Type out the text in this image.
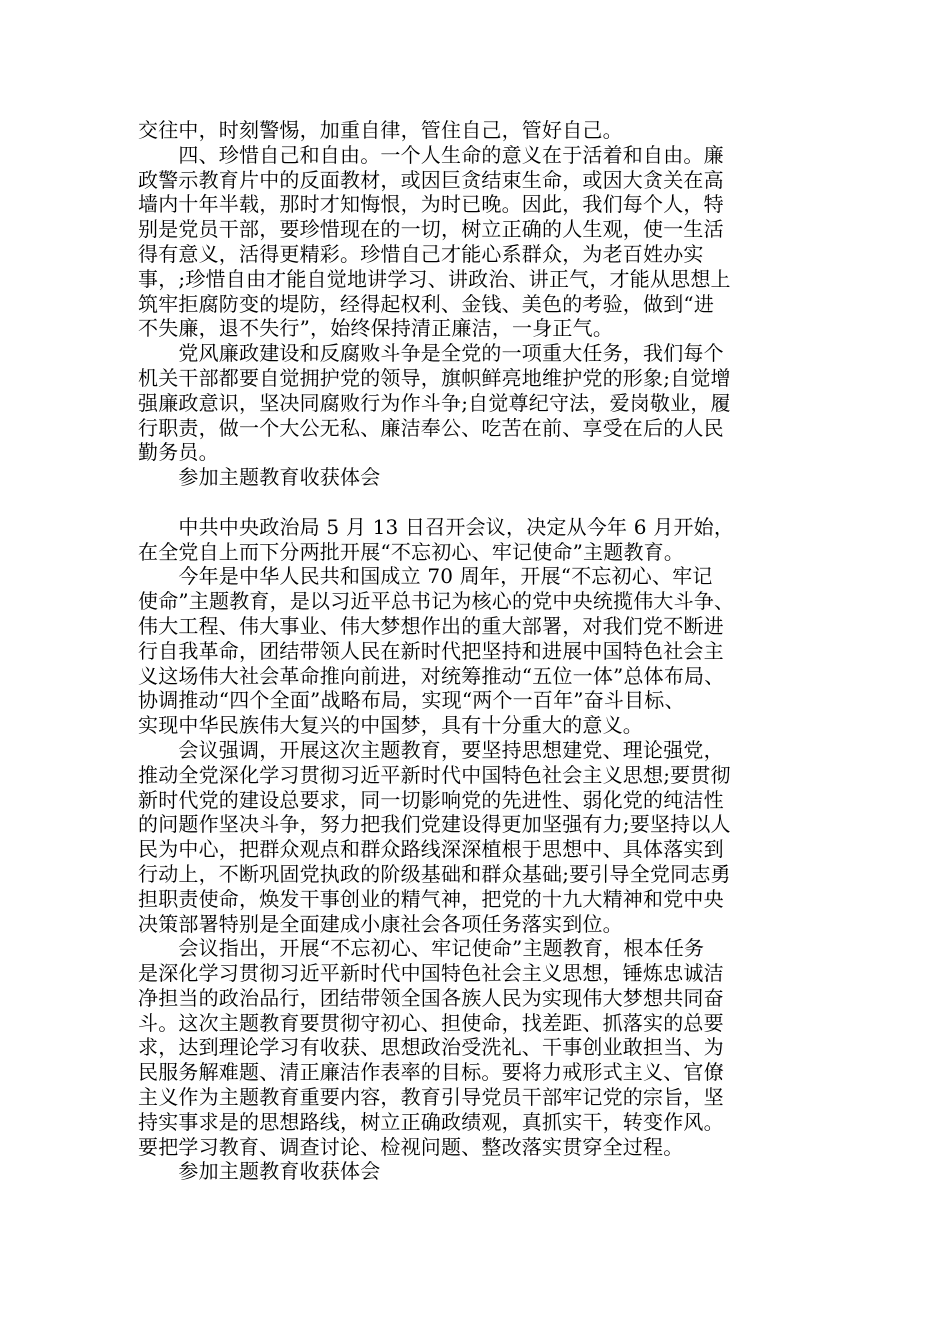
交往中，时刻警惕，加重自律，管住自己，管好自己。
　　四、珍惜自己和自由。一个人生命的意义在于活着和自由。廉
政警示教育片中的反面教材，或因巨贪结束生命，或因大贪关在高
墙内十年半载，那时才知悔恨，为时已晚。因此，我们每个人，特
别是党员干部，要珍惜现在的一切，树立正确的人生观，使一生活
得有意义，活得更精彩。珍惜自己才能心系群众，为老百姓办实
事，;珍惜自由才能自觉地讲学习、讲政治、讲正气，才能从思想上
筑牢拒腐防变的堤防，经得起权利、金钱、美色的考验，做到“进
不失廉，退不失行”，始终保持清正廉洁，一身正气。
　　党风廉政建设和反腐败斗争是全党的一项重大任务，我们每个
机关干部都要自觉拥护党的领导，旗帜鲜亮地维护党的形象;自觉增
强廉政意识，坚决同腐败行为作斗争;自觉尊纪守法，爱岗敬业，履
行职责，做一个大公无私、廉洁奉公、吃苦在前、享受在后的人民
勤务员。
　　参加主题教育收获体会
　　中共中央政治局 5 月 13 日召开会议，决定从今年 6 月开始，
在全党自上而下分两批开展“不忘初心、牢记使命”主题教育。
　　今年是中华人民共和国成立 70 周年，开展“不忘初心、牢记
使命”主题教育，是以习近平总书记为核心的党中央统揽伟大斗争、
伟大工程、伟大事业、伟大梦想作出的重大部署，对我们党不断进
行自我革命，团结带领人民在新时代把坚持和进展中国特色社会主
义这场伟大社会革命推向前进，对统筹推动“五位一体”总体布局、
协调推动“四个全面”战略布局，实现“两个一百年”奋斗目标、
实现中华民族伟大复兴的中国梦，具有十分重大的意义。
　　会议强调，开展这次主题教育，要坚持思想建党、理论强党，
推动全党深化学习贯彻习近平新时代中国特色社会主义思想;要贯彻
新时代党的建设总要求，同一切影响党的先进性、弱化党的纯洁性
的问题作坚决斗争，努力把我们党建设得更加坚强有力;要坚持以人
民为中心，把群众观点和群众路线深深植根于思想中、具体落实到
行动上，不断巩固党执政的阶级基础和群众基础;要引导全党同志勇
担职责使命，焕发干事创业的精气神，把党的十九大精神和党中央
决策部署特别是全面建成小康社会各项任务落实到位。
　　会议指出，开展“不忘初心、牢记使命”主题教育，根本任务
是深化学习贯彻习近平新时代中国特色社会主义思想，锤炼忠诚洁
净担当的政治品行，团结带领全国各族人民为实现伟大梦想共同奋
斗。这次主题教育要贯彻守初心、担使命，找差距、抓落实的总要
求，达到理论学习有收获、思想政治受洗礼、干事创业敢担当、为
民服务解难题、清正廉洁作表率的目标。要将力戒形式主义、官僚
主义作为主题教育重要内容，教育引导党员干部牢记党的宗旨，坚
持实事求是的思想路线，树立正确政绩观，真抓实干，转变作风。
要把学习教育、调查讨论、检视问题、整改落实贯穿全过程。
　　参加主题教育收获体会
